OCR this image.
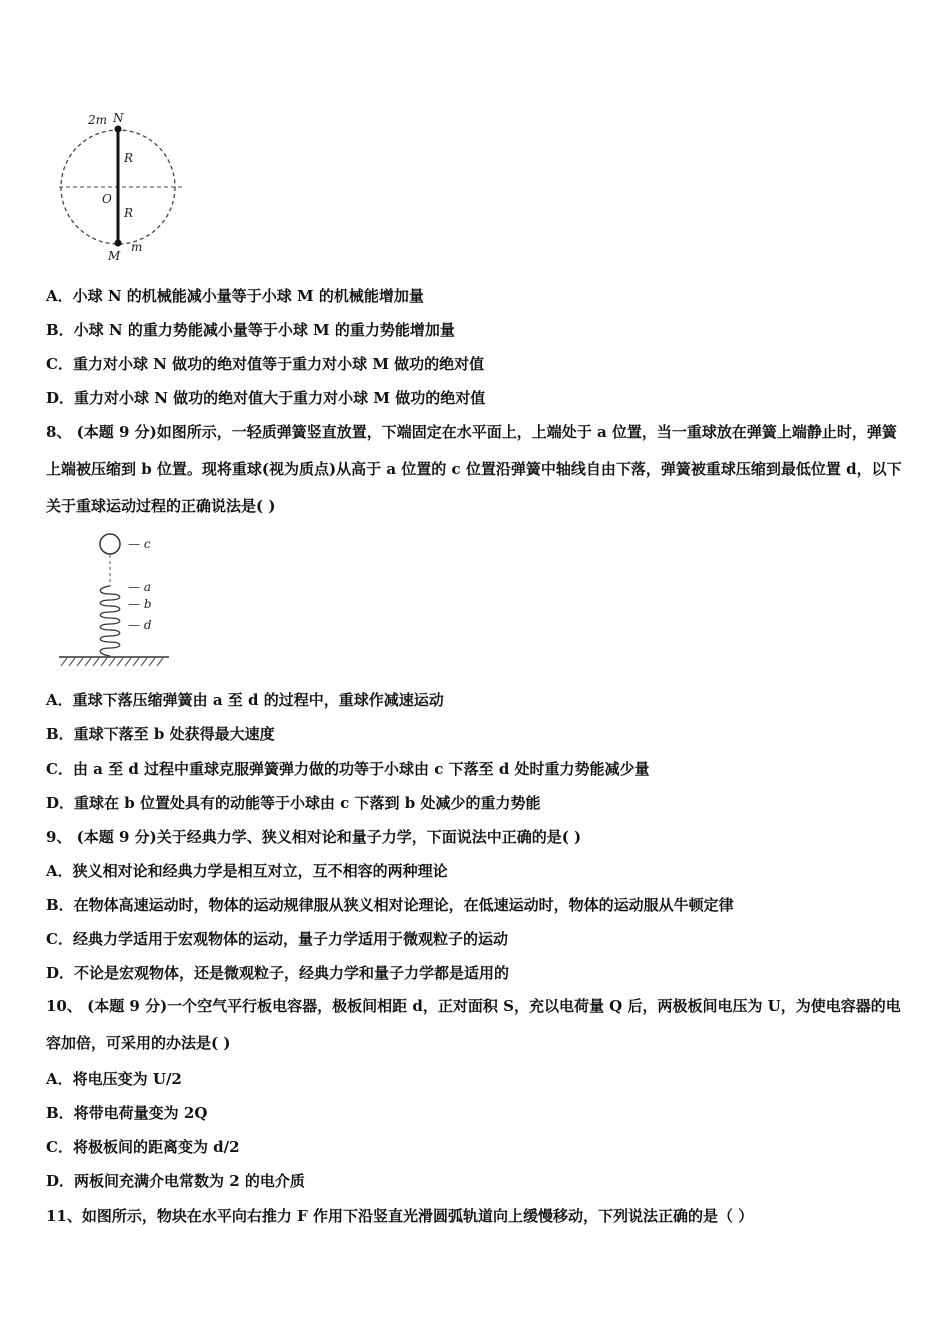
2m N
R
O
R
M
m
A．小球 N 的机械能减小量等于小球 M 的机械能增加量
B．小球 N 的重力势能减小量等于小球 M 的重力势能增加量
C．重力对小球 N 做功的绝对值等于重力对小球 M 做功的绝对值
D．重力对小球 N 做功的绝对值大于重力对小球 M 做功的绝对值
8、 (本题 9 分)如图所示，一轻质弹簧竖直放置，下端固定在水平面上，上端处于 a 位置，当一重球放在弹簧上端静止时，弹簧上端被压缩到 b 位置。现将重球(视为质点)从高于 a 位置的 c 位置沿弹簧中轴线自由下落，弹簧被重球压缩到最低位置 d，以下关于重球运动过程的正确说法是( )
— c
— a
— b
— d
A．重球下落压缩弹簧由 a 至 d 的过程中，重球作减速运动
B．重球下落至 b 处获得最大速度
C．由 a 至 d 过程中重球克服弹簧弹力做的功等于小球由 c 下落至 d 处时重力势能减少量
D．重球在 b 位置处具有的动能等于小球由 c 下落到 b 处减少的重力势能
9、 (本题 9 分)关于经典力学、狭义相对论和量子力学，下面说法中正确的是( )
A．狭义相对论和经典力学是相互对立，互不相容的两种理论
B．在物体高速运动时，物体的运动规律服从狭义相对论理论，在低速运动时，物体的运动服从牛顿定律
C．经典力学适用于宏观物体的运动，量子力学适用于微观粒子的运动
D．不论是宏观物体，还是微观粒子，经典力学和量子力学都是适用的
10、 (本题 9 分)一个空气平行板电容器，极板间相距 d，正对面积 S，充以电荷量 Q 后，两极板间电压为 U，为使电容器的电容加倍，可采用的办法是( )
A．将电压变为 U/2
B．将带电荷量变为 2Q
C．将极板间的距离变为 d/2
D．两板间充满介电常数为 2 的电介质
11、如图所示，物块在水平向右推力 F 作用下沿竖直光滑圆弧轨道向上缓慢移动，下列说法正确的是（ ）
